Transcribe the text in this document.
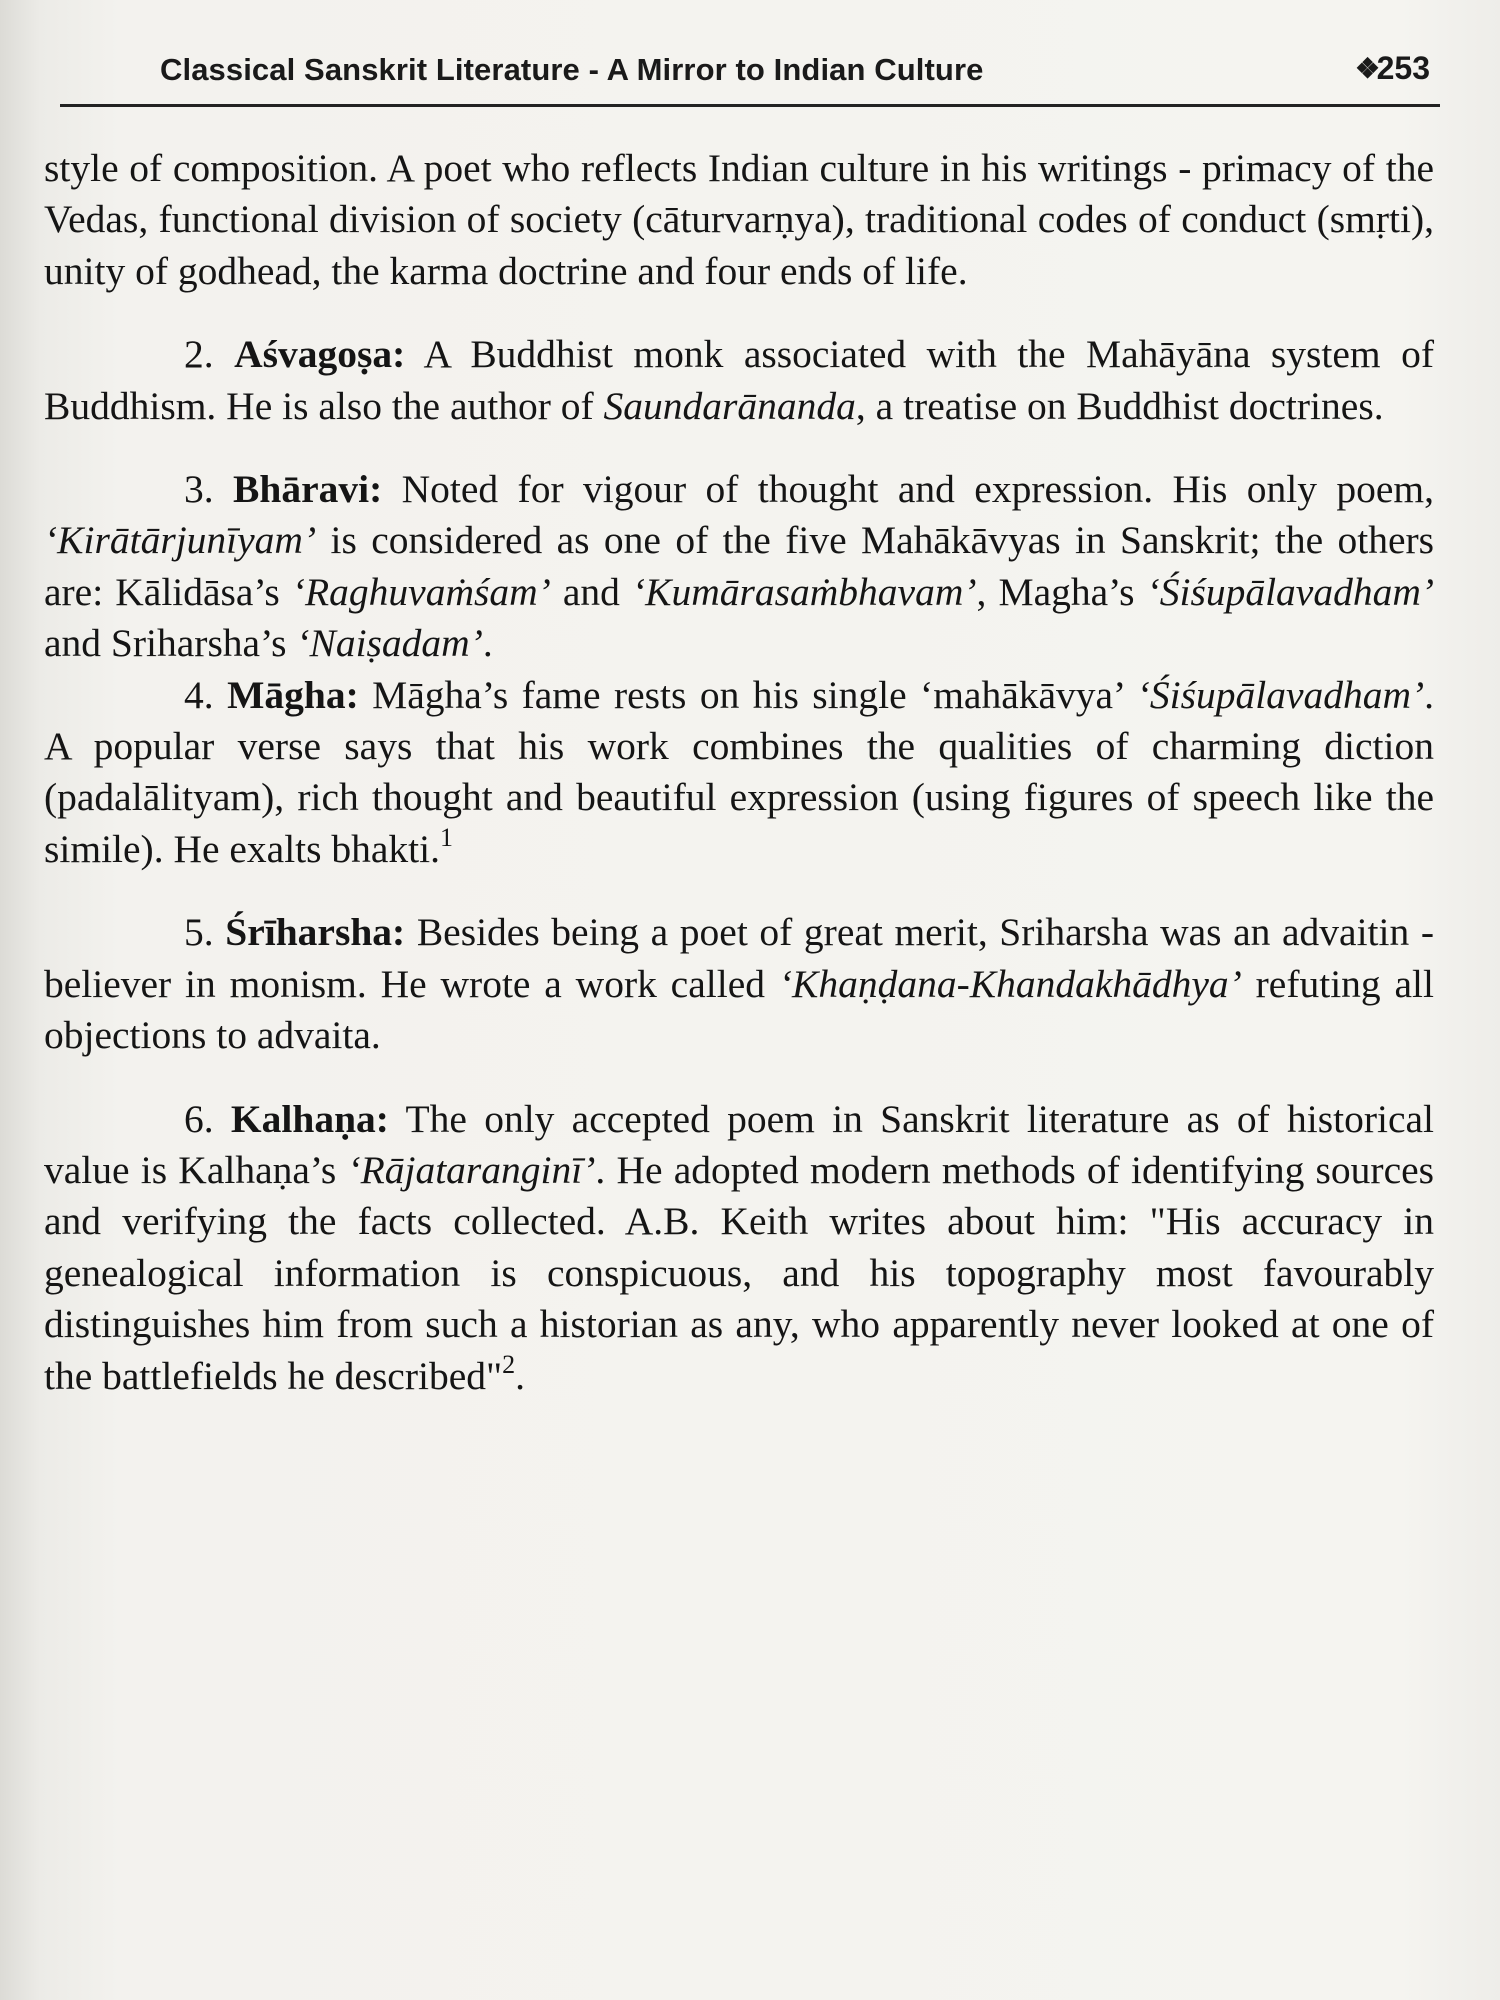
Classical Sanskrit Literature - A Mirror to Indian Culture	❖
253

style of composition. A poet who reflects Indian culture in his writings - primacy of the Vedas, functional division of society (cāturvarṇya), traditional codes of conduct (smṛti), unity of godhead, the karma doctrine and four ends of life.

2. Aśvagoṣa: A Buddhist monk associated with the Mahāyāna system of Buddhism. He is also the author of Saundarānanda, a treatise on Buddhist doctrines.

3. Bhāravi: Noted for vigour of thought and expression. His only poem, ‘Kirātārjunīyam’ is considered as one of the five Mahākāvyas in Sanskrit; the others are: Kālidāsa’s ‘Raghuvaṁśam’ and ‘Kumārasaṁbhavam’, Magha’s ‘Śiśupālavadham’ and Sriharsha’s ‘Naiṣadam’.

4. Māgha: Māgha’s fame rests on his single ‘mahākāvya’ ‘Śiśupālavadham’. A popular verse says that his work combines the qualities of charming diction (padalālityam), rich thought and beautiful expression (using figures of speech like the simile). He exalts bhakti.$^1$

5. Śrīharsha: Besides being a poet of great merit, Sriharsha was an advaitin - believer in monism. He wrote a work called ‘Khaṇḍana-Khandakhādhya’ refuting all objections to advaita.

6. Kalhaṇa: The only accepted poem in Sanskrit literature as of historical value is Kalhaṇa’s ‘Rājataranginī’. He adopted modern methods of identifying sources and verifying the facts collected. A.B. Keith writes about him: "His accuracy in genealogical information is conspicuous, and his topography most favourably distinguishes him from such a historian as any, who apparently never looked at one of the battlefields he described"$^2$.
